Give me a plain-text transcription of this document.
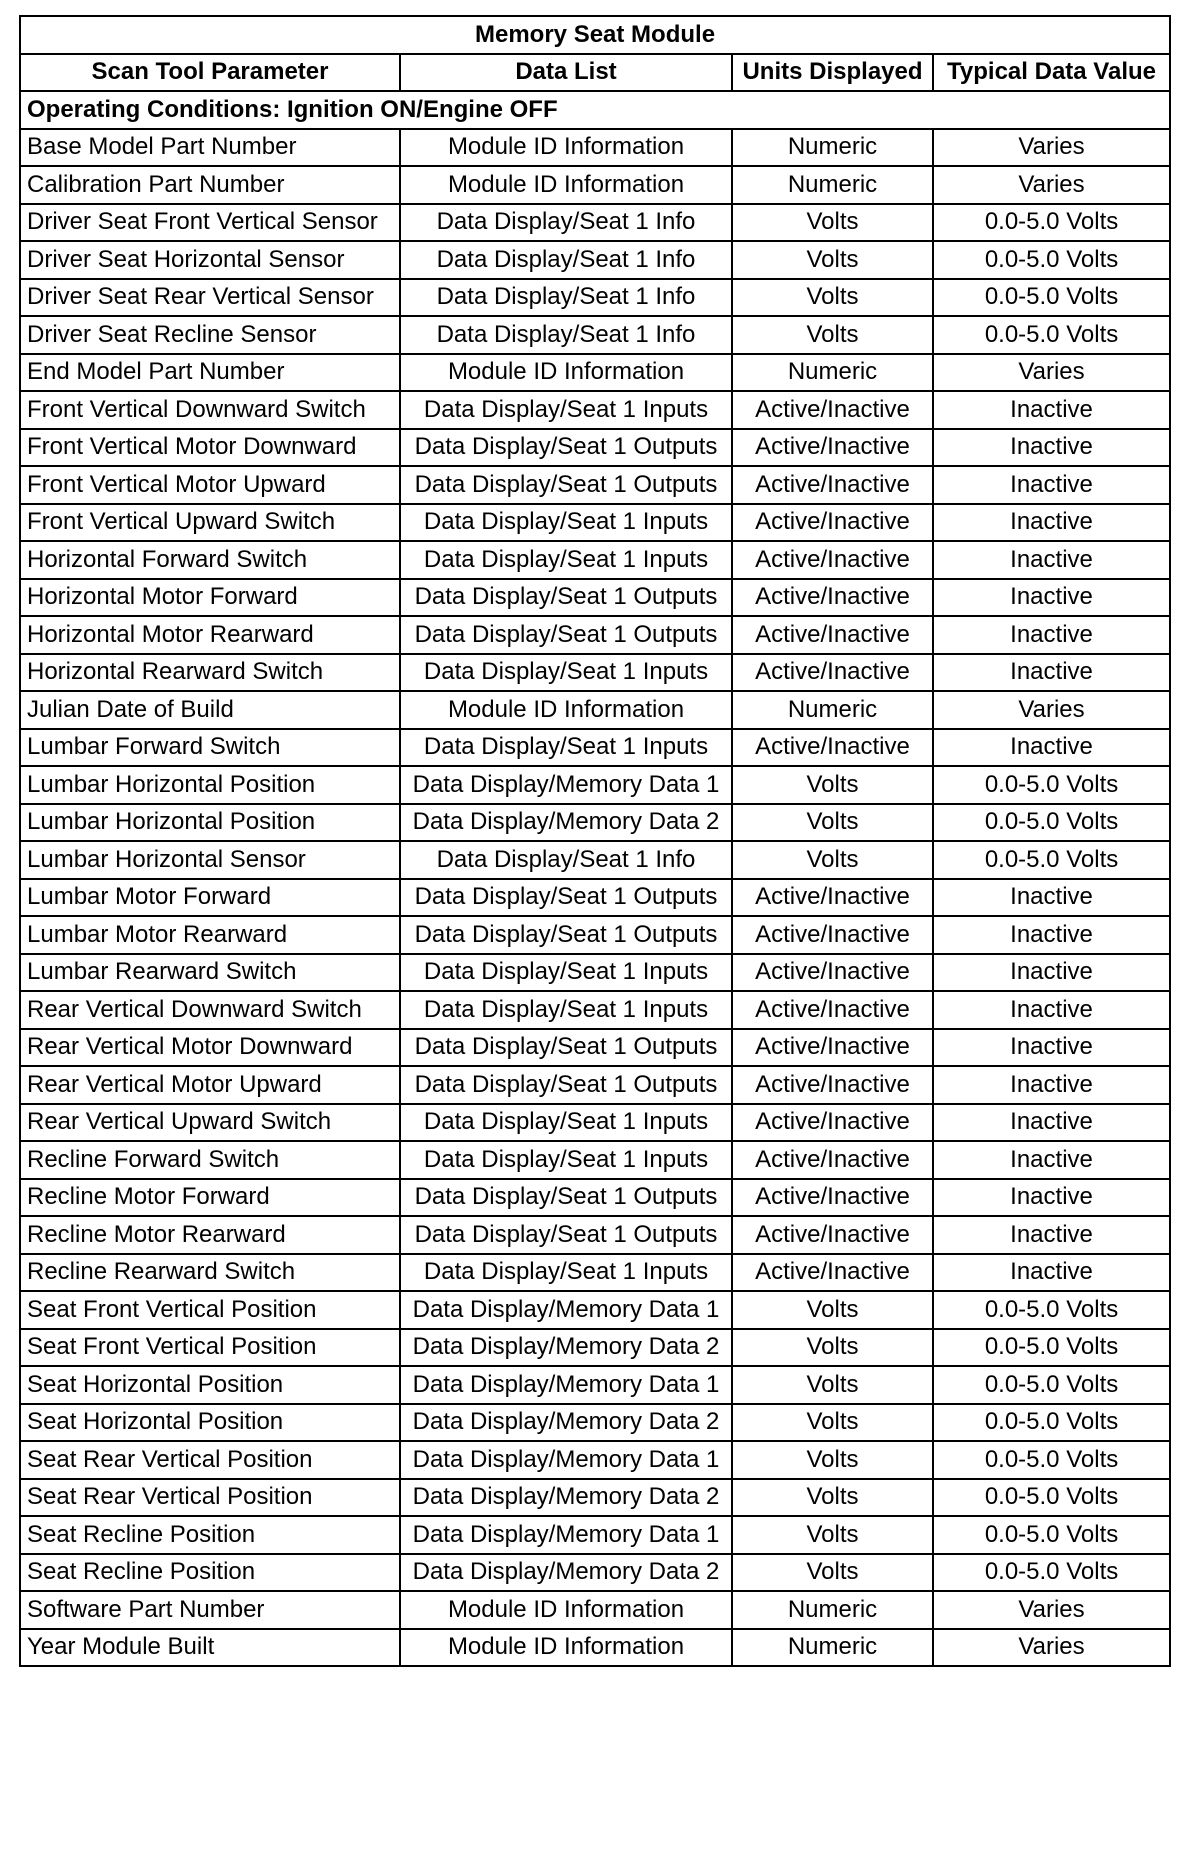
Memory Seat Module			
Scan Tool Parameter	Data List	Units Displayed	Typical Data Value
Operating Conditions: Ignition ON/Engine OFF			
Base Model Part Number	Module ID Information	Numeric	Varies
Calibration Part Number	Module ID Information	Numeric	Varies
Driver Seat Front Vertical Sensor	Data Display/Seat 1 Info	Volts	0.0-5.0 Volts
Driver Seat Horizontal Sensor	Data Display/Seat 1 Info	Volts	0.0-5.0 Volts
Driver Seat Rear Vertical Sensor	Data Display/Seat 1 Info	Volts	0.0-5.0 Volts
Driver Seat Recline Sensor	Data Display/Seat 1 Info	Volts	0.0-5.0 Volts
End Model Part Number	Module ID Information	Numeric	Varies
Front Vertical Downward Switch	Data Display/Seat 1 Inputs	Active/Inactive	Inactive
Front Vertical Motor Downward	Data Display/Seat 1 Outputs	Active/Inactive	Inactive
Front Vertical Motor Upward	Data Display/Seat 1 Outputs	Active/Inactive	Inactive
Front Vertical Upward Switch	Data Display/Seat 1 Inputs	Active/Inactive	Inactive
Horizontal Forward Switch	Data Display/Seat 1 Inputs	Active/Inactive	Inactive
Horizontal Motor Forward	Data Display/Seat 1 Outputs	Active/Inactive	Inactive
Horizontal Motor Rearward	Data Display/Seat 1 Outputs	Active/Inactive	Inactive
Horizontal Rearward Switch	Data Display/Seat 1 Inputs	Active/Inactive	Inactive
Julian Date of Build	Module ID Information	Numeric	Varies
Lumbar Forward Switch	Data Display/Seat 1 Inputs	Active/Inactive	Inactive
Lumbar Horizontal Position	Data Display/Memory Data 1	Volts	0.0-5.0 Volts
Lumbar Horizontal Position	Data Display/Memory Data 2	Volts	0.0-5.0 Volts
Lumbar Horizontal Sensor	Data Display/Seat 1 Info	Volts	0.0-5.0 Volts
Lumbar Motor Forward	Data Display/Seat 1 Outputs	Active/Inactive	Inactive
Lumbar Motor Rearward	Data Display/Seat 1 Outputs	Active/Inactive	Inactive
Lumbar Rearward Switch	Data Display/Seat 1 Inputs	Active/Inactive	Inactive
Rear Vertical Downward Switch	Data Display/Seat 1 Inputs	Active/Inactive	Inactive
Rear Vertical Motor Downward	Data Display/Seat 1 Outputs	Active/Inactive	Inactive
Rear Vertical Motor Upward	Data Display/Seat 1 Outputs	Active/Inactive	Inactive
Rear Vertical Upward Switch	Data Display/Seat 1 Inputs	Active/Inactive	Inactive
Recline Forward Switch	Data Display/Seat 1 Inputs	Active/Inactive	Inactive
Recline Motor Forward	Data Display/Seat 1 Outputs	Active/Inactive	Inactive
Recline Motor Rearward	Data Display/Seat 1 Outputs	Active/Inactive	Inactive
Recline Rearward Switch	Data Display/Seat 1 Inputs	Active/Inactive	Inactive
Seat Front Vertical Position	Data Display/Memory Data 1	Volts	0.0-5.0 Volts
Seat Front Vertical Position	Data Display/Memory Data 2	Volts	0.0-5.0 Volts
Seat Horizontal Position	Data Display/Memory Data 1	Volts	0.0-5.0 Volts
Seat Horizontal Position	Data Display/Memory Data 2	Volts	0.0-5.0 Volts
Seat Rear Vertical Position	Data Display/Memory Data 1	Volts	0.0-5.0 Volts
Seat Rear Vertical Position	Data Display/Memory Data 2	Volts	0.0-5.0 Volts
Seat Recline Position	Data Display/Memory Data 1	Volts	0.0-5.0 Volts
Seat Recline Position	Data Display/Memory Data 2	Volts	0.0-5.0 Volts
Software Part Number	Module ID Information	Numeric	Varies
Year Module Built	Module ID Information	Numeric	Varies
